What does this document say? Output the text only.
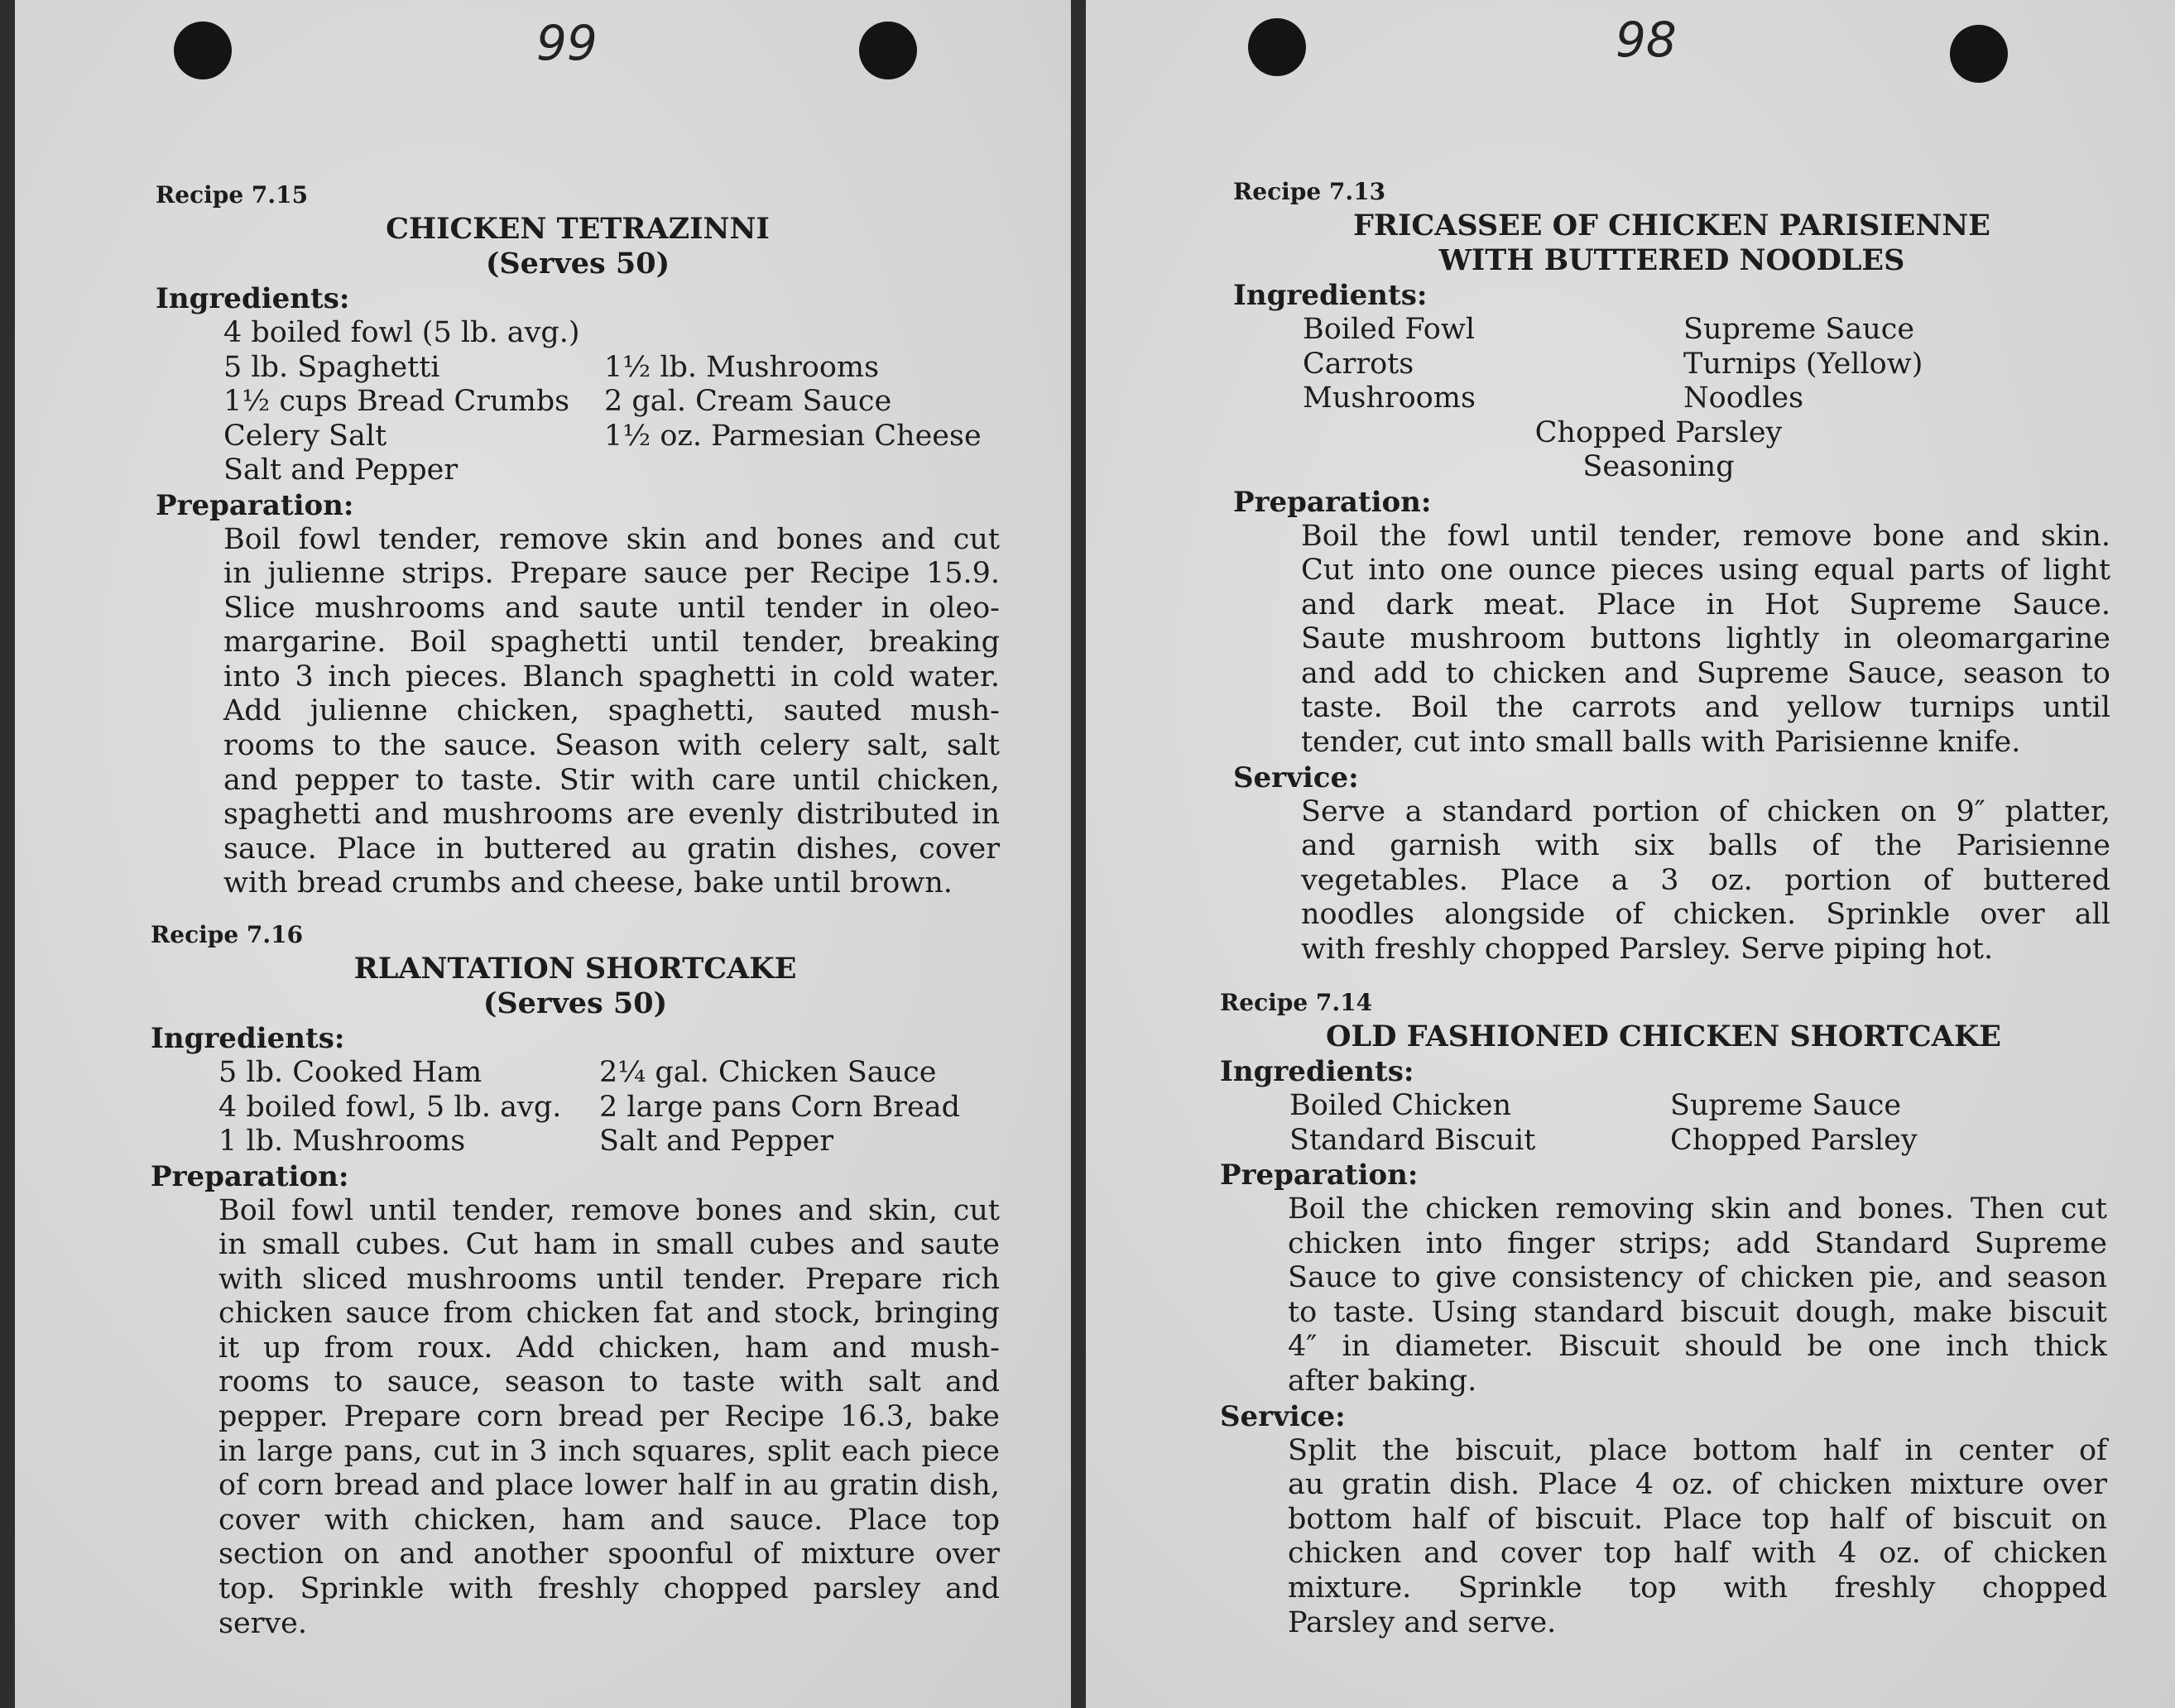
99

Recipe 7.15

CHICKEN TETRAZINNI

(Serves 50)

Ingredients:

4 boiled fowl (5 lb. avg.)
5 lb. Spaghetti	1½ lb. Mushrooms
1½ cups Bread Crumbs	2 gal. Cream Sauce
Celery Salt	1½ oz. Parmesian Cheese
Salt and Pepper

Preparation:

Boil fowl tender, remove skin and bones and cut
in julienne strips. Prepare sauce per Recipe 15.9.
Slice mushrooms and saute until tender in oleo-
margarine. Boil spaghetti until tender, breaking
into 3 inch pieces. Blanch spaghetti in cold water.
Add julienne chicken, spaghetti, sauted mush-
rooms to the sauce. Season with celery salt, salt
and pepper to taste. Stir with care until chicken,
spaghetti and mushrooms are evenly distributed in
sauce. Place in buttered au gratin dishes, cover
with bread crumbs and cheese, bake until brown.

Recipe 7.16

RLANTATION SHORTCAKE

(Serves 50)

Ingredients:

5 lb. Cooked Ham	2¼ gal. Chicken Sauce
4 boiled fowl, 5 lb. avg.	2 large pans Corn Bread
1 lb. Mushrooms	Salt and Pepper

Preparation:

Boil fowl until tender, remove bones and skin, cut
in small cubes. Cut ham in small cubes and saute
with sliced mushrooms until tender. Prepare rich
chicken sauce from chicken fat and stock, bringing
it up from roux. Add chicken, ham and mush-
rooms to sauce, season to taste with salt and
pepper. Prepare corn bread per Recipe 16.3, bake
in large pans, cut in 3 inch squares, split each piece
of corn bread and place lower half in au gratin dish,
cover with chicken, ham and sauce. Place top
section on and another spoonful of mixture over
top. Sprinkle with freshly chopped parsley and
serve.
98

Recipe 7.13

FRICASSEE OF CHICKEN PARISIENNE

WITH BUTTERED NOODLES

Ingredients:

Boiled Fowl	Supreme Sauce
Carrots	Turnips (Yellow)
Mushrooms	Noodles
Chopped Parsley
Seasoning

Preparation:

Boil the fowl until tender, remove bone and skin.
Cut into one ounce pieces using equal parts of light
and dark meat. Place in Hot Supreme Sauce.
Saute mushroom buttons lightly in oleomargarine
and add to chicken and Supreme Sauce, season to
taste. Boil the carrots and yellow turnips until
tender, cut into small balls with Parisienne knife.

Service:

Serve a standard portion of chicken on 9″ platter,
and garnish with six balls of the Parisienne
vegetables. Place a 3 oz. portion of buttered
noodles alongside of chicken. Sprinkle over all
with freshly chopped Parsley. Serve piping hot.

Recipe 7.14

OLD FASHIONED CHICKEN SHORTCAKE

Ingredients:

Boiled Chicken	Supreme Sauce
Standard Biscuit	Chopped Parsley

Preparation:

Boil the chicken removing skin and bones. Then cut
chicken into finger strips; add Standard Supreme
Sauce to give consistency of chicken pie, and season
to taste. Using standard biscuit dough, make biscuit
4″ in diameter. Biscuit should be one inch thick
after baking.

Service:

Split the biscuit, place bottom half in center of
au gratin dish. Place 4 oz. of chicken mixture over
bottom half of biscuit. Place top half of biscuit on
chicken and cover top half with 4 oz. of chicken
mixture. Sprinkle top with freshly chopped
Parsley and serve.
